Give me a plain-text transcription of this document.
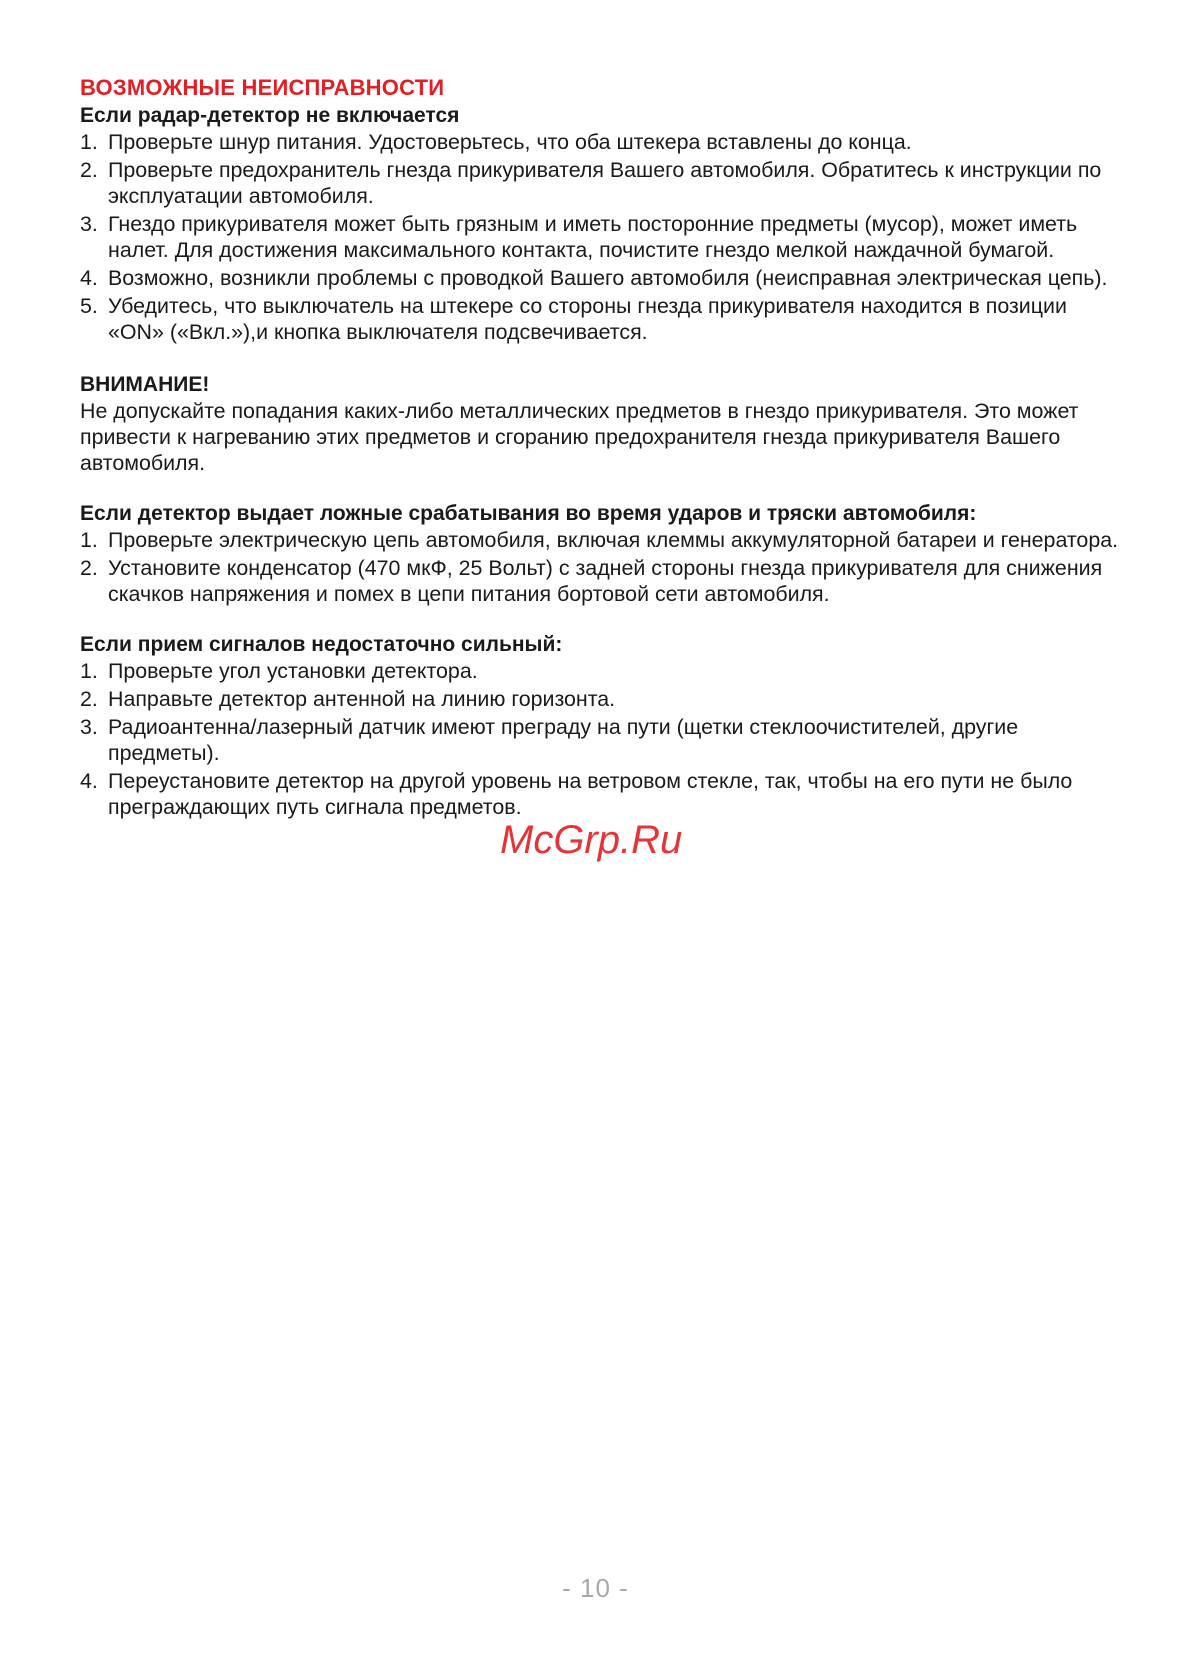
ВОЗМОЖНЫЕ НЕИСПРАВНОСТИ
Если радар-детектор не включается
1. Проверьте шнур питания. Удостоверьтесь, что оба штекера вставлены до конца.
2. Проверьте предохранитель гнезда прикуривателя Вашего автомобиля. Обратитесь к инструкции по эксплуатации автомобиля.
3. Гнездо прикуривателя может быть грязным и иметь посторонние предметы (мусор), может иметь налет. Для достижения максимального контакта, почистите гнездо мелкой наждачной бумагой.
4. Возможно, возникли проблемы с проводкой Вашего автомобиля (неисправная электрическая цепь).
5. Убедитесь, что выключатель на штекере со стороны гнезда прикуривателя находится в позиции «ON» («Вкл.»),и кнопка выключателя подсвечивается.
ВНИМАНИЕ!

Не допускайте попадания каких-либо металлических предметов в гнездо прикуривателя. Это может привести к нагреванию этих предметов и сгоранию предохранителя гнезда прикуривателя Вашего автомобиля.

Если детектор выдает ложные срабатывания во время ударов и тряски автомобиля:
1. Проверьте электрическую цепь автомобиля, включая клеммы аккумуляторной батареи и генератора.
2. Установите конденсатор (470 мкФ, 25 Вольт) с задней стороны гнезда прикуривателя для снижения скачков напряжения и помех в цепи питания бортовой сети автомобиля.
Если прием сигналов недостаточно сильный:
1. Проверьте угол установки детектора.
2. Направьте детектор антенной на линию горизонта.
3. Радиоантенна/лазерный датчик имеют преграду на пути (щетки стеклоочистителей, другие предметы).
4. Переустановите детектор на другой уровень на ветровом стекле, так, чтобы на его пути не было преграждающих путь сигнала предметов.
McGrp.Ru
- 10 -
